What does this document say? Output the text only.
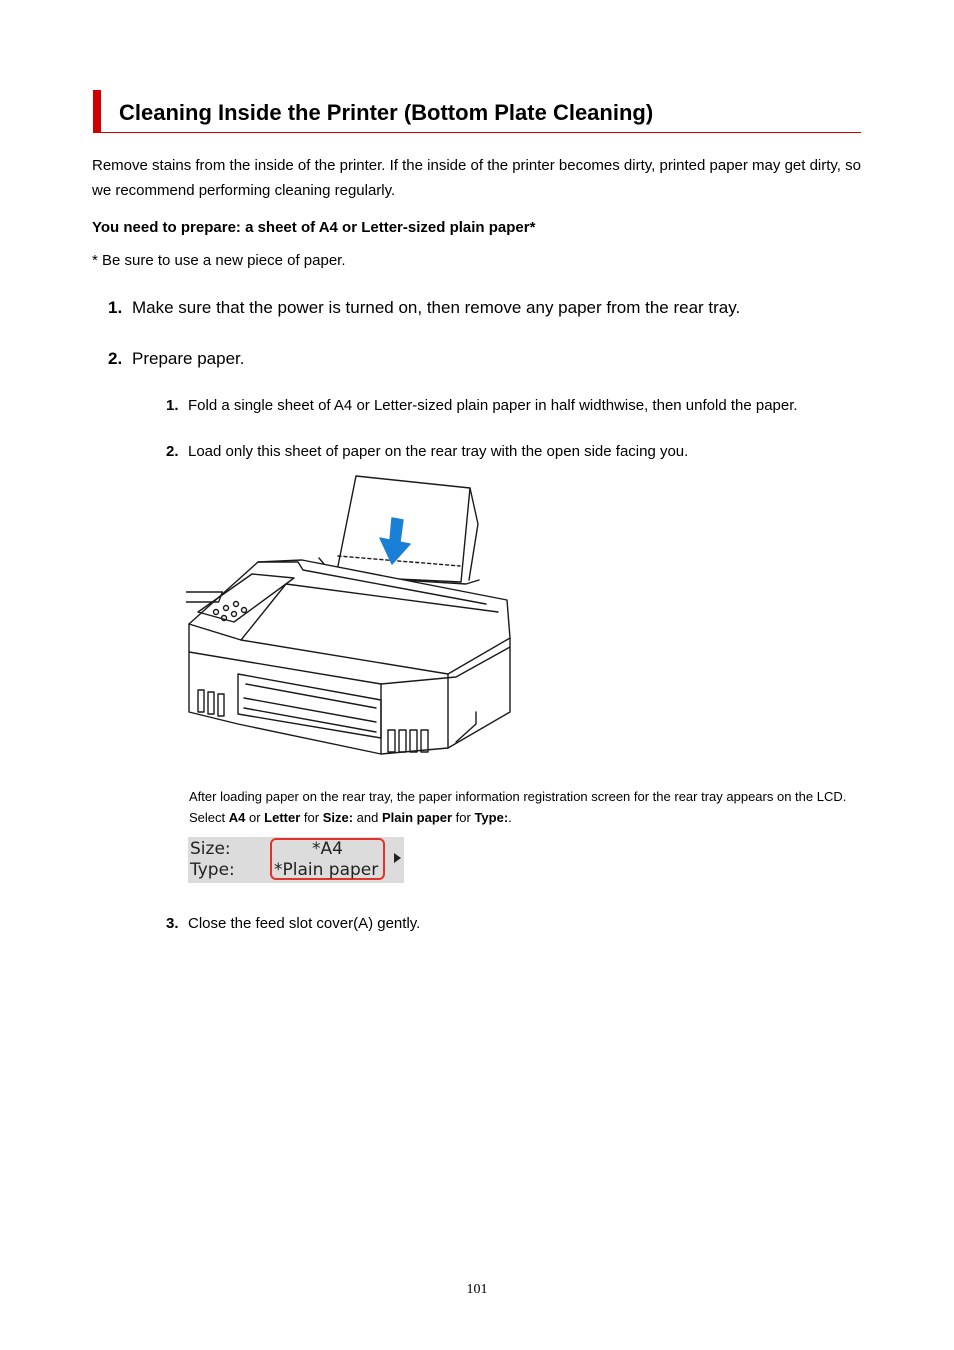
Cleaning Inside the Printer (Bottom Plate Cleaning)

Remove stains from the inside of the printer. If the inside of the printer becomes dirty, printed paper may get dirty, so we recommend performing cleaning regularly.

You need to prepare: a sheet of A4 or Letter-sized plain paper*

* Be sure to use a new piece of paper.

1. Make sure that the power is turned on, then remove any paper from the rear tray.
2. Prepare paper.
1. Fold a single sheet of A4 or Letter-sized plain paper in half widthwise, then unfold the paper.
2. Load only this sheet of paper on the rear tray with the open side facing you.

After loading paper on the rear tray, the paper information registration screen for the rear tray appears on the LCD. Select A4 or Letter for Size: and Plain paper for Type:.

Size:
Type:
*A4
*Plain paper
3. Close the feed slot cover(A) gently.
101
